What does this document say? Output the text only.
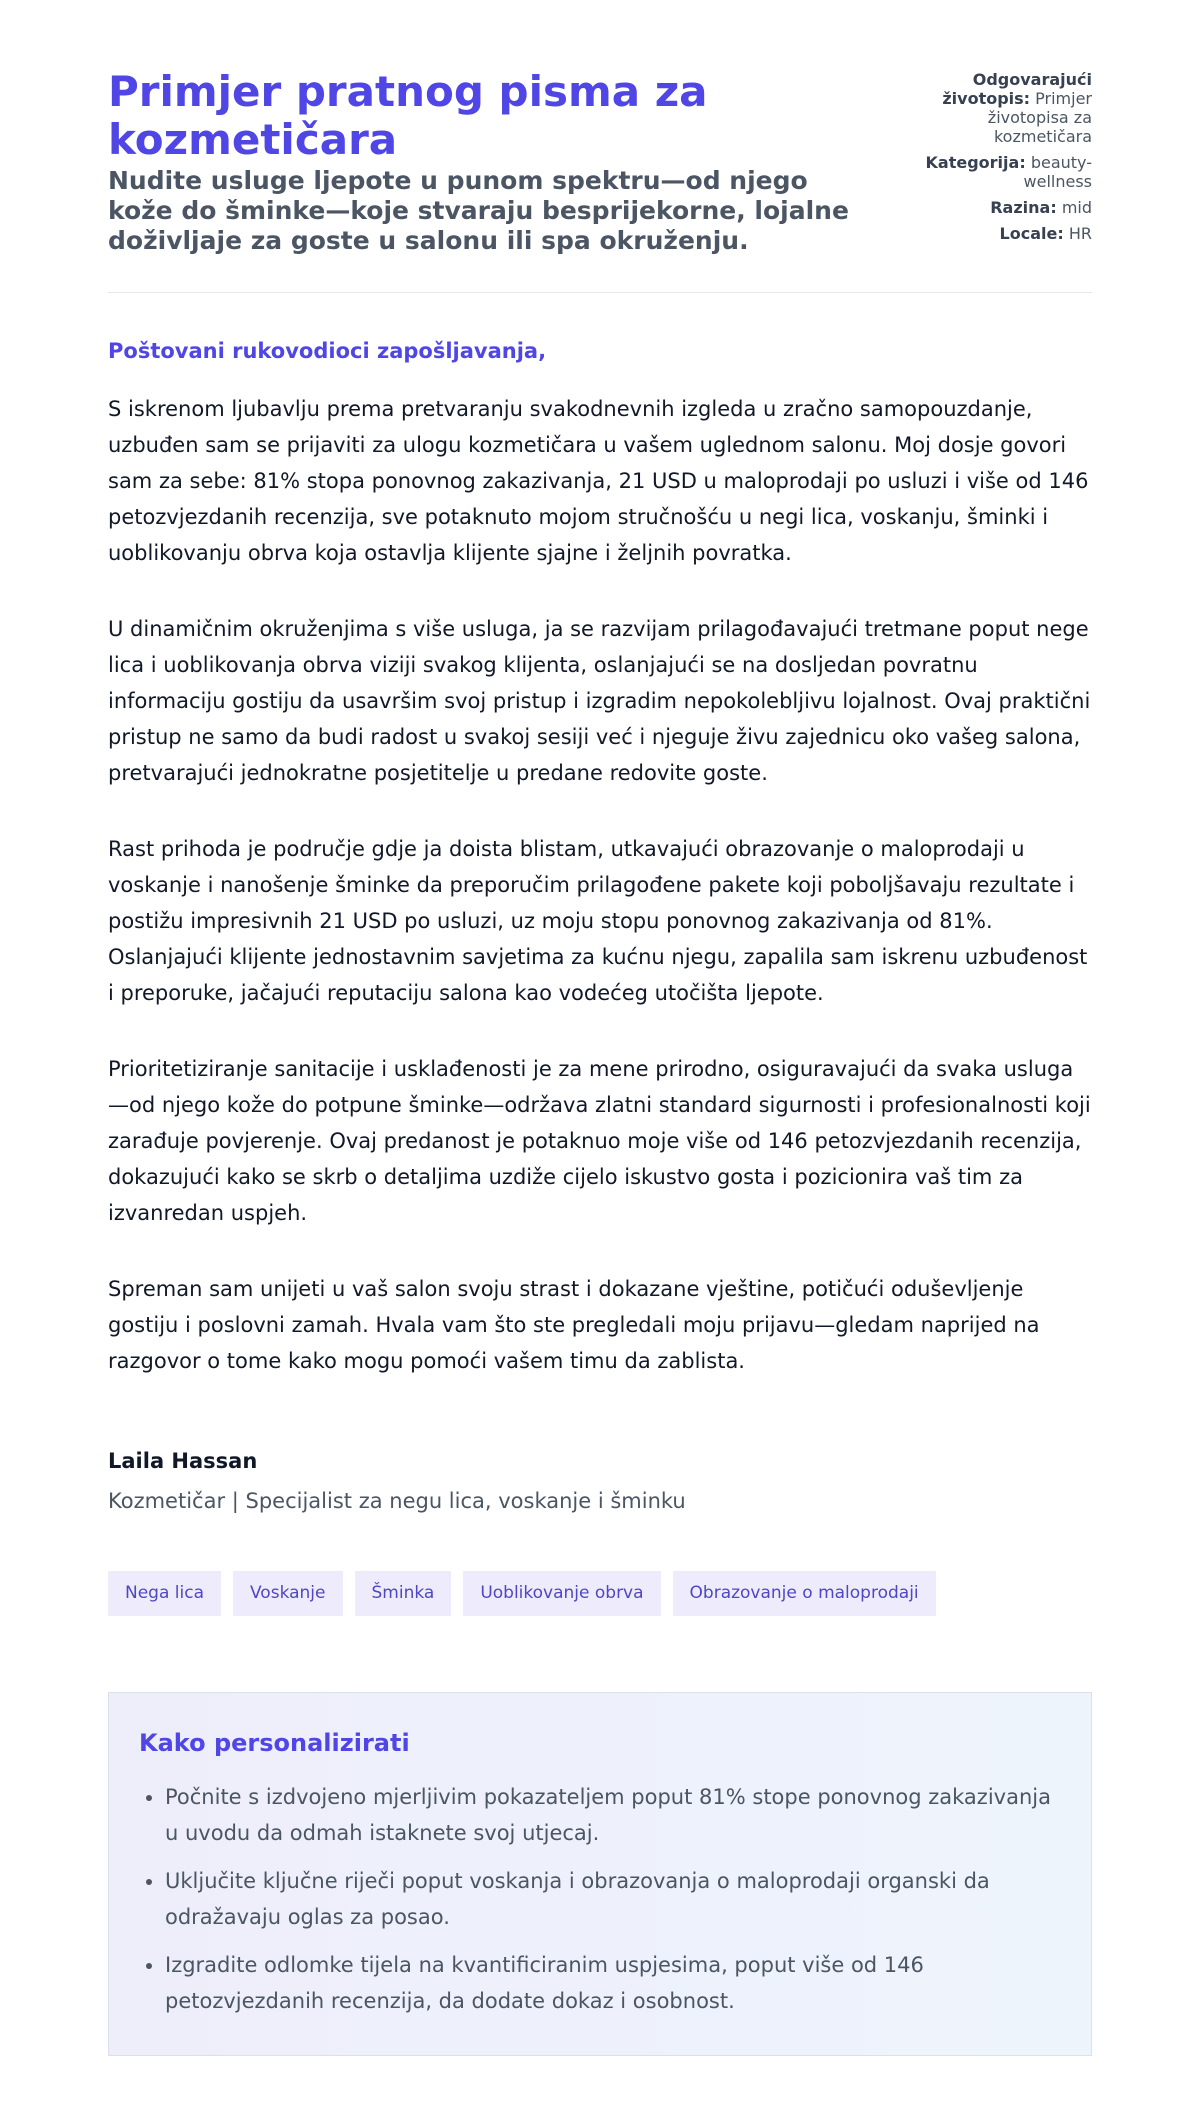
Primjer pratnog pisma za kozmetičara

Nudite usluge ljepote u punom spektru—od njego kože do šminke—koje stvaraju besprijekorne, lojalne doživljaje za goste u salonu ili spa okruženju.

Odgovarajući životopis: Primjer životopisa za kozmetičara
Kategorija: beauty-wellness
Razina: mid
Locale: HR

Poštovani rukovodioci zapošljavanja,

S iskrenom ljubavlju prema pretvaranju svakodnevnih izgleda u zračno samopouzdanje, uzbuđen sam se prijaviti za ulogu kozmetičara u vašem uglednom salonu. Moj dosje govori sam za sebe: 81% stopa ponovnog zakazivanja, 21 USD u maloprodaji po usluzi i više od 146 petozvjezdanih recenzija, sve potaknuto mojom stručnošću u negi lica, voskanju, šminki i uoblikovanju obrva koja ostavlja klijente sjajne i željnih povratka.

U dinamičnim okruženjima s više usluga, ja se razvijam prilagođavajući tretmane poput nege lica i uoblikovanja obrva viziji svakog klijenta, oslanjajući se na dosljedan povratnu informaciju gostiju da usavršim svoj pristup i izgradim nepokolebljivu lojalnost. Ovaj praktični pristup ne samo da budi radost u svakoj sesiji već i njeguje živu zajednicu oko vašeg salona, pretvarajući jednokratne posjetitelje u predane redovite goste.

Rast prihoda je područje gdje ja doista blistam, utkavajući obrazovanje o maloprodaji u voskanje i nanošenje šminke da preporučim prilagođene pakete koji poboljšavaju rezultate i postižu impresivnih 21 USD po usluzi, uz moju stopu ponovnog zakazivanja od 81%. Oslanjajući klijente jednostavnim savjetima za kućnu njegu, zapalila sam iskrenu uzbuđenost i preporuke, jačajući reputaciju salona kao vodećeg utočišta ljepote.

Prioritetiziranje sanitacije i usklađenosti je za mene prirodno, osiguravajući da svaka usluga—od njego kože do potpune šminke—održava zlatni standard sigurnosti i profesionalnosti koji zarađuje povjerenje. Ovaj predanost je potaknuo moje više od 146 petozvjezdanih recenzija, dokazujući kako se skrb o detaljima uzdiže cijelo iskustvo gosta i pozicionira vaš tim za izvanredan uspjeh.

Spreman sam unijeti u vaš salon svoju strast i dokazane vještine, potičući oduševljenje gostiju i poslovni zamah. Hvala vam što ste pregledali moju prijavu—gledam naprijed na razgovor o tome kako mogu pomoći vašem timu da zablista.

Laila Hassan

Kozmetičar | Specijalist za negu lica, voskanje i šminku

Nega lica	Voskanje	Šminka	Uoblikovanje obrva	Obrazovanje o maloprodaji
Kako personalizirati
• Počnite s izdvojeno mjerljivim pokazateljem poput 81% stope ponovnog zakazivanja u uvodu da odmah istaknete svoj utjecaj.
• Uključite ključne riječi poput voskanja i obrazovanja o maloprodaji organski da odražavaju oglas za posao.
• Izgradite odlomke tijela na kvantificiranim uspjesima, poput više od 146 petozvjezdanih recenzija, da dodate dokaz i osobnost.
